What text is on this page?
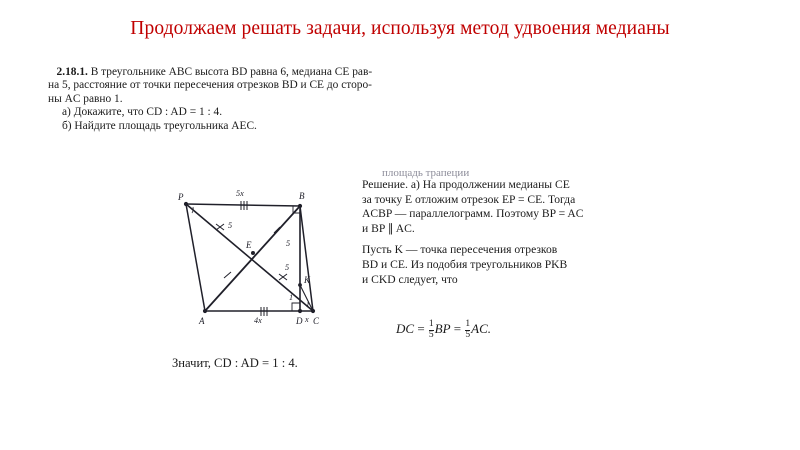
Продолжаем решать задачи, используя метод удвоения медианы
2.18.1. В треугольнике ABC высота BD равна 6, медиана CE рав-
на 5, расстояние от точки пересечения отрезков BD и CE до сторо-
ны AC равно 1.
а) Докажите, что CD : AD = 1 : 4.
б) Найдите площадь треугольника AEC.
площадь трапеции

Решение. а) На продолжении медианы CE
за точку E отложим отрезок EP = CE. Тогда
ACBP — параллелограмм. Поэтому BP = AC
и BP ∥ AC.

Пусть K — точка пересечения отрезков
BD и CE. Из подобия треугольников PKB
и CKD следует, что

DC = $\frac{1}{5}$ BP = $\frac{1}{5}$ AC.
Значит, CD : AD = 1 : 4.
P	B
E
K
A	D C
5x
4x	x
5
5
5
1
